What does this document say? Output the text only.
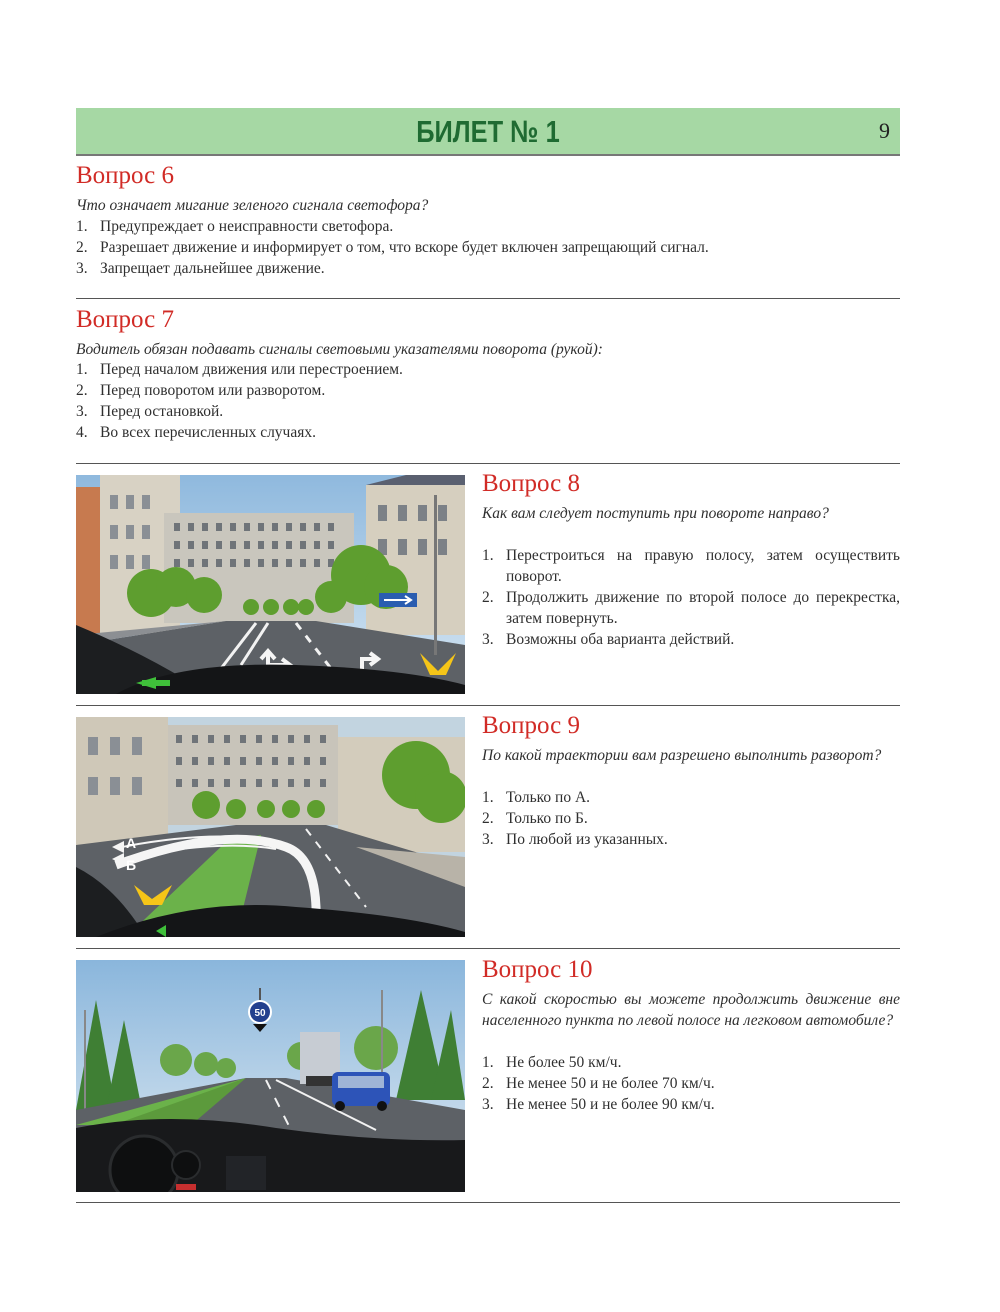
БИЛЕТ № 1	9
Вопрос 6

Что означает мигание зеленого сигнала светофора?

1. Предупреждает о неисправности светофора.
2. Разрешает движение и информирует о том, что вскоре будет включен запрещающий сигнал.
3. Запрещает дальнейшее движение.
Вопрос 7

Водитель обязан подавать сигналы световыми указателями поворота (рукой):

1. Перед началом движения или перестроением.
2. Перед поворотом или разворотом.
3. Перед остановкой.
4. Во всех перечисленных случаях.
Вопрос 8

Как вам следует поступить при повороте направо?

1. Перестроиться на правую полосу, затем осуществить поворот.
2. Продолжить движение по второй полосе до перекрестка, затем повернуть.
3. Возможны оба варианта действий.
А
Б
Вопрос 9

По какой траектории вам разрешено выполнить разворот?

1. Только по А.
2. Только по Б.
3. По любой из указанных.
50
Вопрос 10

С какой скоростью вы можете продолжить движение вне населенного пункта по левой полосе на легковом автомобиле?

1. Не более 50 км/ч.
2. Не менее 50 и не более 70 км/ч.
3. Не менее 50 и не более 90 км/ч.
